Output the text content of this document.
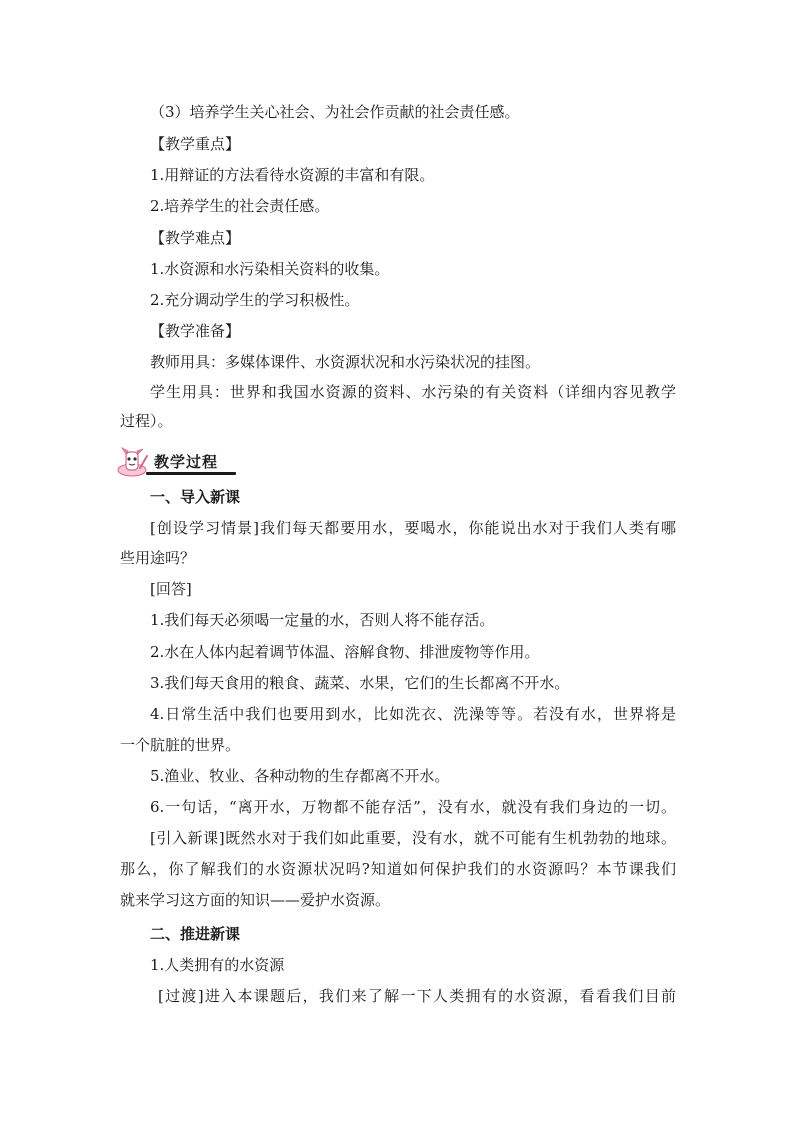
（3）培养学生关心社会、为社会作贡献的社会责任感。
【教学重点】
1.用辩证的方法看待水资源的丰富和有限。
2.培养学生的社会责任感。
【教学难点】
1.水资源和水污染相关资料的收集。
2.充分调动学生的学习积极性。
【教学准备】
教师用具：多媒体课件、水资源状况和水污染状况的挂图。
学生用具：世界和我国水资源的资料、水污染的有关资料（详细内容见教学
过程）。
教学过程
一、导入新课
[创设学习情景]我们每天都要用水，要喝水，你能说出水对于我们人类有哪
些用途吗？
[回答]
1.我们每天必须喝一定量的水，否则人将不能存活。
2.水在人体内起着调节体温、溶解食物、排泄废物等作用。
3.我们每天食用的粮食、蔬菜、水果，它们的生长都离不开水。
4.日常生活中我们也要用到水，比如洗衣、洗澡等等。若没有水，世界将是
一个肮脏的世界。
5.渔业、牧业、各种动物的生存都离不开水。
6.一句话，“离开水，万物都不能存活”，没有水，就没有我们身边的一切。
[引入新课]既然水对于我们如此重要，没有水，就不可能有生机勃勃的地球。
那么，你了解我们的水资源状况吗?知道如何保护我们的水资源吗？本节课我们
就来学习这方面的知识——爱护水资源。
二、推进新课
1.人类拥有的水资源
[过渡]进入本课题后，我们来了解一下人类拥有的水资源，看看我们目前
